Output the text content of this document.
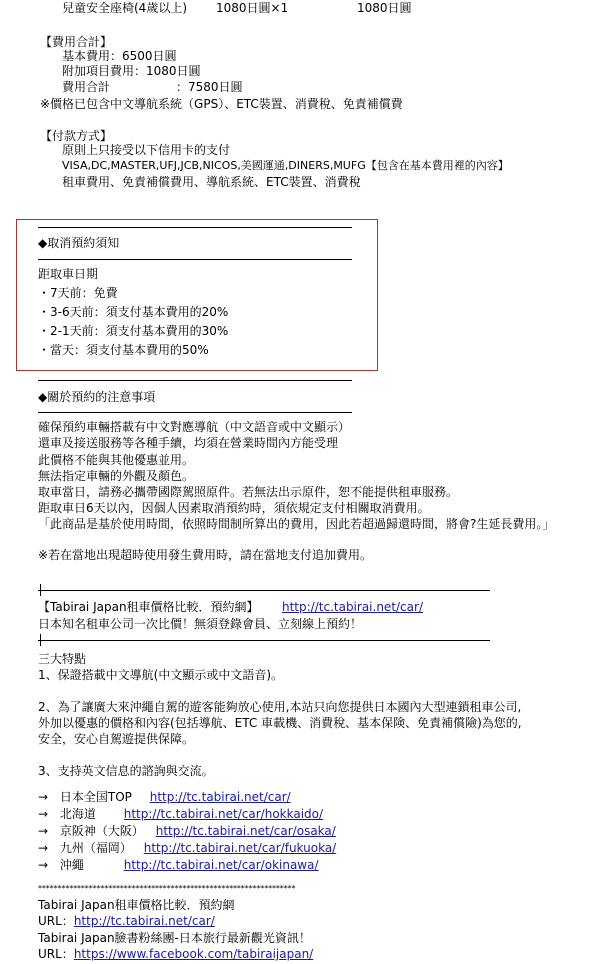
兒童安全座椅(4歲以上) 1080日圓×1	1080日圓
【費用合計】
基本費用：6500日圓
附加項目費用：1080日圓
費用合計	：7580日圓
※價格已包含中文導航系統（GPS）、ETC裝置、消費稅、免責補償費
【付款方式】
原則上只接受以下信用卡的支付
VISA,DC,MASTER,UFJ,JCB,NICOS,美國運通,DINERS,MUFG【包含在基本費用裡的內容】
租車費用、免責補償費用、導航系統、ETC裝置、消費稅
◆取消預約須知
距取車日期
・7天前：免費
・3-6天前：須支付基本費用的20%
・2-1天前：須支付基本費用的30%
・當天：須支付基本費用的50%
◆關於預約的注意事項
確保預約車輛搭載有中文對應導航（中文語音或中文顯示）
還車及接送服務等各種手續，均須在營業時間內方能受理
此價格不能與其他優惠並用。
無法指定車輛的外觀及顏色。
取車當日，請務必攜帶國際駕照原件。若無法出示原件，恕不能提供租車服務。
距取車日6天以內，因個人因素取消預約時，須依規定支付相關取消費用。
「此商品是基於使用時間，依照時間制所算出的費用，因此若超過歸還時間，將會?生延長費用。」
※若在當地出現超時使用發生費用時，請在當地支付追加費用。
【Tabirai Japan租車價格比較．預約網】 http://tc.tabirai.net/car/
日本知名租車公司一次比價！無須登錄會員、立刻線上預約！
三大特點
1、保證搭載中文導航(中文顯示或中文語音)。
2、為了讓廣大來沖繩自駕的遊客能夠放心使用,本站只向您提供日本國內大型連鎖租車公司,
外加以優惠的價格和內容(包括導航、ETC 車載機、消費稅、基本保険、免責補償險)為您的,
安全，安心自駕遊提供保障。
3、支持英文信息的諮詢與交流。
→ 日本全国TOP http://tc.tabirai.net/car/
→ 北海道 http://tc.tabirai.net/car/hokkaido/
→ 京阪神（大阪） http://tc.tabirai.net/car/osaka/
→ 九州（福岡） http://tc.tabirai.net/car/fukuoka/
→ 沖繩	http://tc.tabirai.net/car/okinawa/
******************************************************************
Tabirai Japan租車價格比較．預約網
URL：http://tc.tabirai.net/car/
Tabirai Japan臉書粉絲團-日本旅行最新觀光資訊！
URL：https://www.facebook.com/tabiraijapan/
